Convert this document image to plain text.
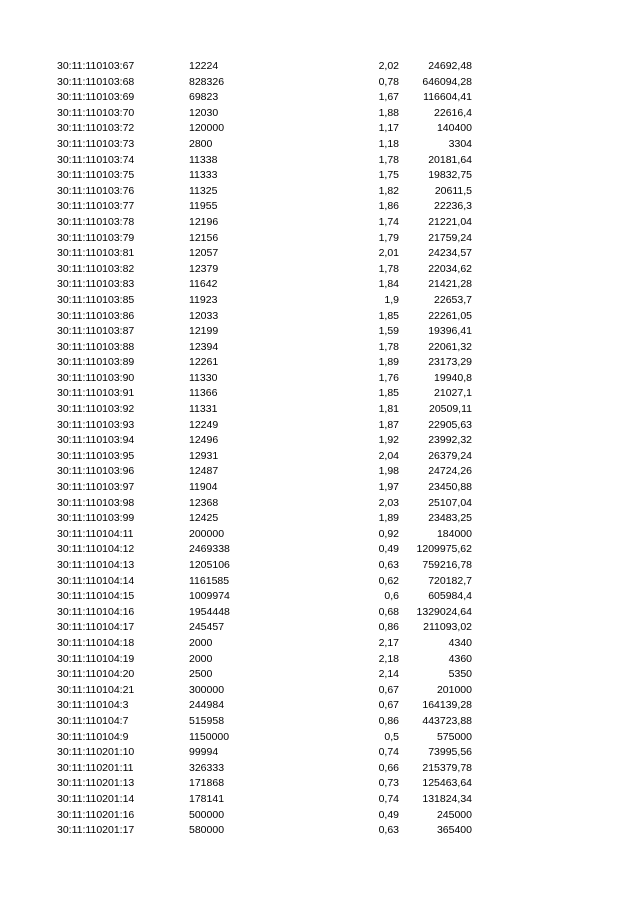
30:11:110103:67	12224	2,02	24692,48
30:11:110103:68	828326	0,78	646094,28
30:11:110103:69	69823	1,67	116604,41
30:11:110103:70	12030	1,88	22616,4
30:11:110103:72	120000	1,17	140400
30:11:110103:73	2800	1,18	3304
30:11:110103:74	11338	1,78	20181,64
30:11:110103:75	11333	1,75	19832,75
30:11:110103:76	11325	1,82	20611,5
30:11:110103:77	11955	1,86	22236,3
30:11:110103:78	12196	1,74	21221,04
30:11:110103:79	12156	1,79	21759,24
30:11:110103:81	12057	2,01	24234,57
30:11:110103:82	12379	1,78	22034,62
30:11:110103:83	11642	1,84	21421,28
30:11:110103:85	11923	1,9	22653,7
30:11:110103:86	12033	1,85	22261,05
30:11:110103:87	12199	1,59	19396,41
30:11:110103:88	12394	1,78	22061,32
30:11:110103:89	12261	1,89	23173,29
30:11:110103:90	11330	1,76	19940,8
30:11:110103:91	11366	1,85	21027,1
30:11:110103:92	11331	1,81	20509,11
30:11:110103:93	12249	1,87	22905,63
30:11:110103:94	12496	1,92	23992,32
30:11:110103:95	12931	2,04	26379,24
30:11:110103:96	12487	1,98	24724,26
30:11:110103:97	11904	1,97	23450,88
30:11:110103:98	12368	2,03	25107,04
30:11:110103:99	12425	1,89	23483,25
30:11:110104:11	200000	0,92	184000
30:11:110104:12	2469338	0,49	1209975,62
30:11:110104:13	1205106	0,63	759216,78
30:11:110104:14	1161585	0,62	720182,7
30:11:110104:15	1009974	0,6	605984,4
30:11:110104:16	1954448	0,68	1329024,64
30:11:110104:17	245457	0,86	211093,02
30:11:110104:18	2000	2,17	4340
30:11:110104:19	2000	2,18	4360
30:11:110104:20	2500	2,14	5350
30:11:110104:21	300000	0,67	201000
30:11:110104:3	244984	0,67	164139,28
30:11:110104:7	515958	0,86	443723,88
30:11:110104:9	1150000	0,5	575000
30:11:110201:10	99994	0,74	73995,56
30:11:110201:11	326333	0,66	215379,78
30:11:110201:13	171868	0,73	125463,64
30:11:110201:14	178141	0,74	131824,34
30:11:110201:16	500000	0,49	245000
30:11:110201:17	580000	0,63	365400
